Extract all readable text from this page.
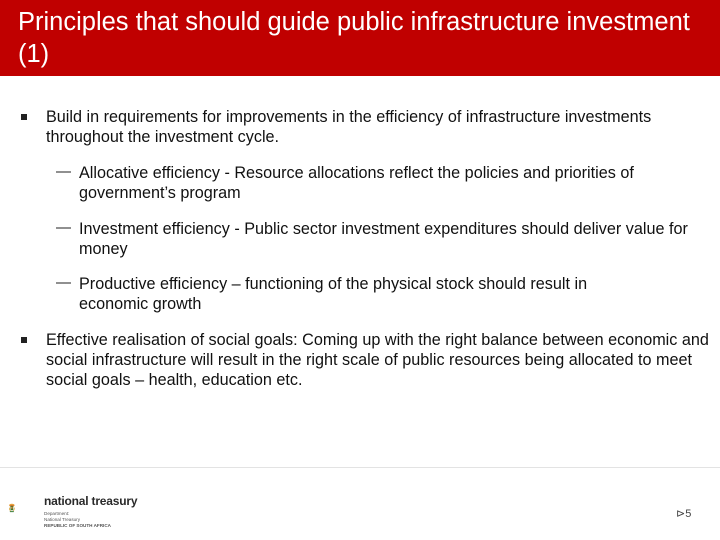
Principles that should guide public infrastructure investment (1)
Build in requirements for improvements in the efficiency of infrastructure investments throughout the investment cycle.
— Allocative efficiency - Resource allocations reflect the policies and priorities of government’s program
— Investment efficiency - Public sector investment expenditures should deliver value for money
— Productive efficiency – functioning of the physical stock should result in economic growth
Effective realisation of social goals: Coming up with the right balance between economic and social infrastructure will result in the right scale of public resources being allocated to meet social goals – health, education etc.
national treasury
Department:
National Treasury
REPUBLIC OF SOUTH AFRICA
⊳5
